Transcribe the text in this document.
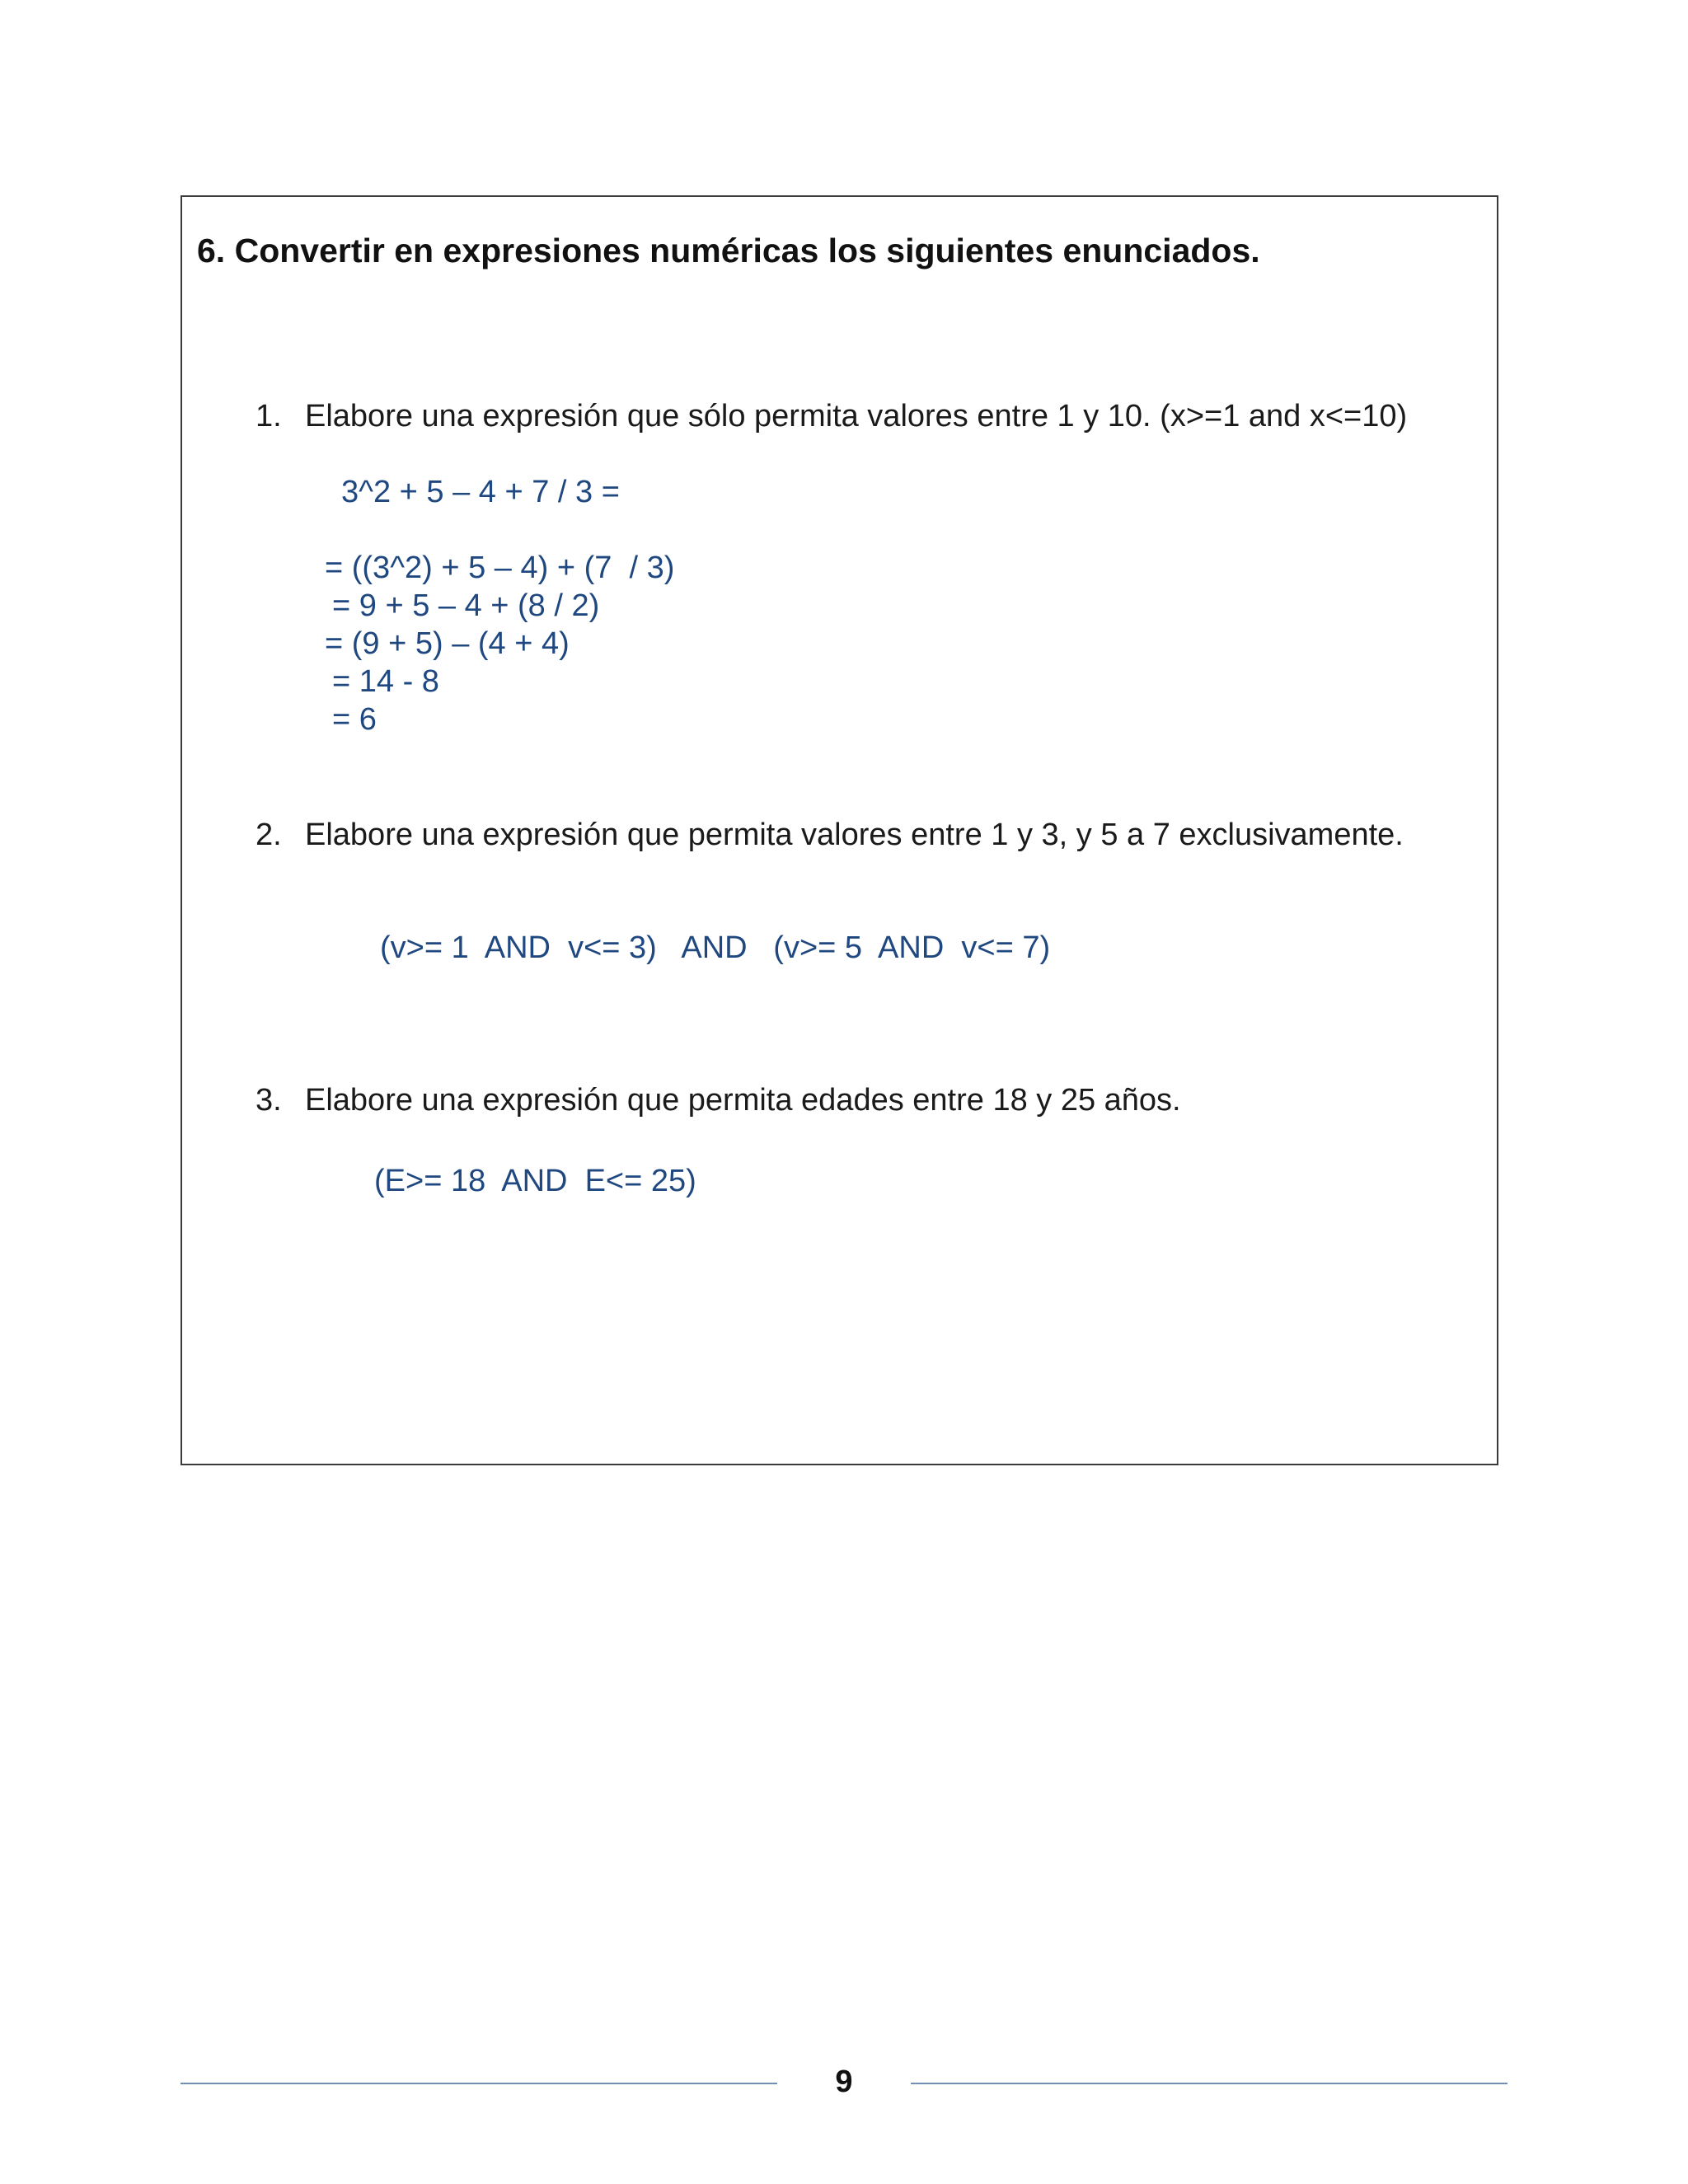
6. Convertir en expresiones numéricas los siguientes enunciados.
1. Elabore una expresión que sólo permita valores entre 1 y 10. (x>=1 and x<=10)
3^2 + 5 – 4 + 7 / 3 =
= ((3^2) + 5 – 4) + (7  / 3)
= 9 + 5 – 4 + (8 / 2)
= (9 + 5) – (4 + 4)
= 14 - 8
= 6
2. Elabore una expresión que permita valores entre 1 y 3, y 5 a 7 exclusivamente.
(v>= 1  AND  v<= 3)   AND   (v>= 5  AND  v<= 7)
3. Elabore una expresión que permita edades entre 18 y 25 años.
(E>= 18  AND  E<= 25)
9
